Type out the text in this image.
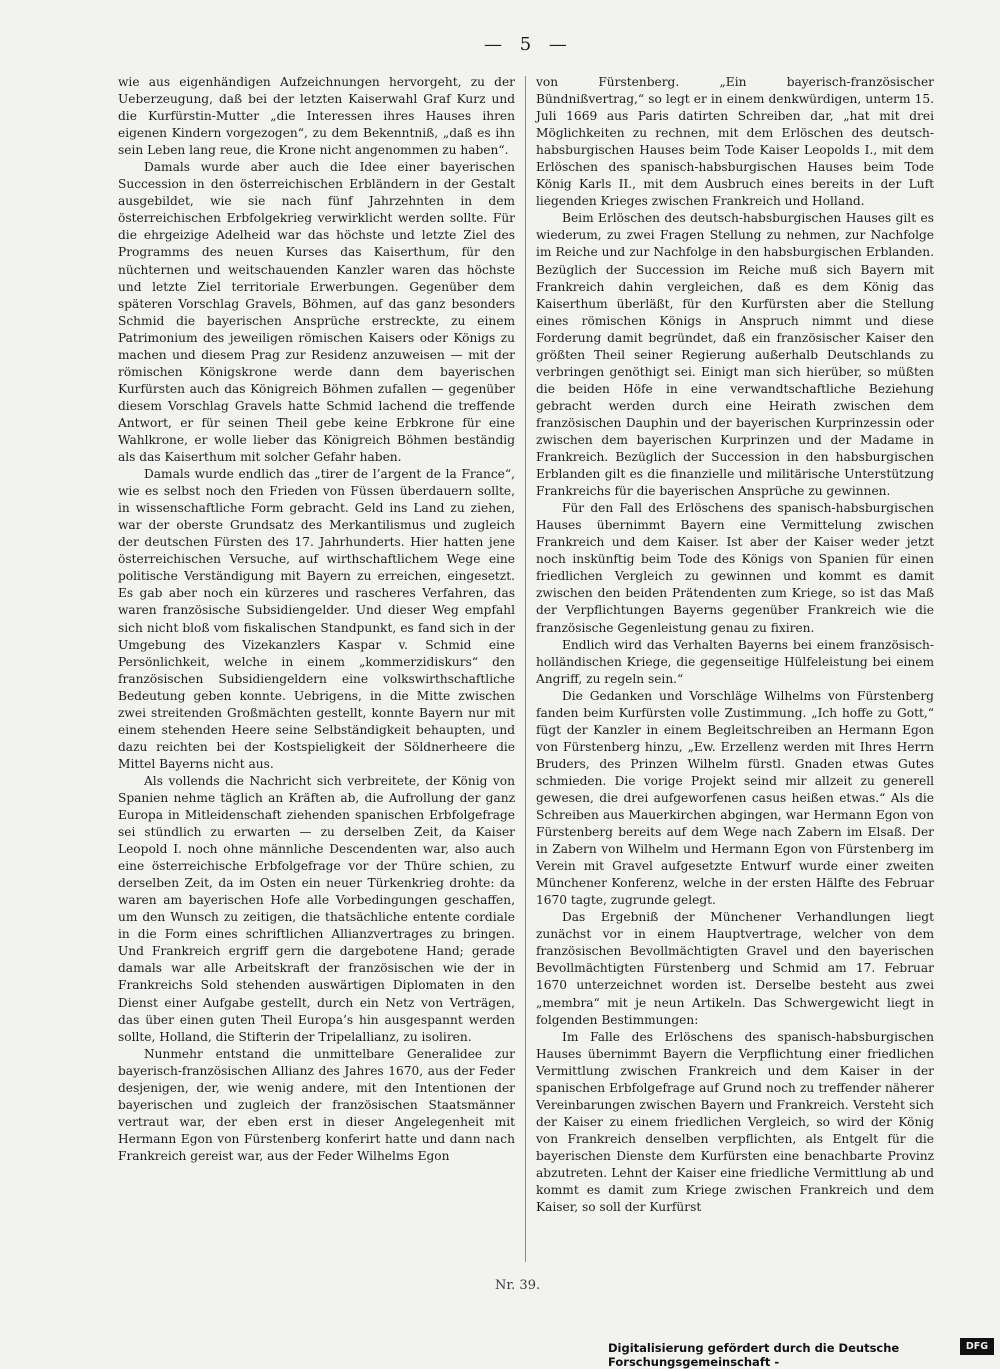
— 5 —

wie aus eigenhändigen Aufzeichnungen hervorgeht, zu der Ueberzeugung, daß bei der letzten Kaiserwahl Graf Kurz und die Kurfürstin-Mutter „die Interessen ihres Hauses ihren eigenen Kindern vorgezogen“, zu dem Bekenntniß, „daß es ihn sein Leben lang reue, die Krone nicht angenommen zu haben“.

Damals wurde aber auch die Idee einer bayerischen Succession in den österreichischen Erbländern in der Gestalt ausgebildet, wie sie nach fünf Jahrzehnten in dem österreichischen Erbfolgekrieg verwirklicht werden sollte. Für die ehrgeizige Adelheid war das höchste und letzte Ziel des Programms des neuen Kurses das Kaiserthum, für den nüchternen und weitschauenden Kanzler waren das höchste und letzte Ziel territoriale Erwerbungen. Gegenüber dem späteren Vorschlag Gravels, Böhmen, auf das ganz besonders Schmid die bayerischen Ansprüche erstreckte, zu einem Patrimonium des jeweiligen römischen Kaisers oder Königs zu machen und diesem Prag zur Residenz anzuweisen — mit der römischen Königskrone werde dann dem bayerischen Kurfürsten auch das Königreich Böhmen zufallen — gegenüber diesem Vorschlag Gravels hatte Schmid lachend die treffende Antwort, er für seinen Theil gebe keine Erbkrone für eine Wahlkrone, er wolle lieber das Königreich Böhmen beständig als das Kaiserthum mit solcher Gefahr haben.

Damals wurde endlich das „tirer de l’argent de la France“, wie es selbst noch den Frieden von Füssen überdauern sollte, in wissenschaftliche Form gebracht. Geld ins Land zu ziehen, war der oberste Grundsatz des Merkantilismus und zugleich der deutschen Fürsten des 17. Jahrhunderts. Hier hatten jene österreichischen Versuche, auf wirthschaftlichem Wege eine politische Verständigung mit Bayern zu erreichen, eingesetzt. Es gab aber noch ein kürzeres und rascheres Verfahren, das waren französische Subsidiengelder. Und dieser Weg empfahl sich nicht bloß vom fiskalischen Standpunkt, es fand sich in der Umgebung des Vizekanzlers Kaspar v. Schmid eine Persönlichkeit, welche in einem „kommerzidiskurs“ den französischen Subsidiengeldern eine volkswirthschaftliche Bedeutung geben konnte. Uebrigens, in die Mitte zwischen zwei streitenden Großmächten gestellt, konnte Bayern nur mit einem stehenden Heere seine Selbständigkeit behaupten, und dazu reichten bei der Kostspieligkeit der Söldnerheere die Mittel Bayerns nicht aus.

Als vollends die Nachricht sich verbreitete, der König von Spanien nehme täglich an Kräften ab, die Aufrollung der ganz Europa in Mitleidenschaft ziehenden spanischen Erbfolgefrage sei stündlich zu erwarten — zu derselben Zeit, da Kaiser Leopold I. noch ohne männliche Descendenten war, also auch eine österreichische Erbfolgefrage vor der Thüre schien, zu derselben Zeit, da im Osten ein neuer Türkenkrieg drohte: da waren am bayerischen Hofe alle Vorbedingungen geschaffen, um den Wunsch zu zeitigen, die thatsächliche entente cordiale in die Form eines schriftlichen Allianzvertrages zu bringen. Und Frankreich ergriff gern die dargebotene Hand; gerade damals war alle Arbeitskraft der französischen wie der in Frankreichs Sold stehenden auswärtigen Diplomaten in den Dienst einer Aufgabe gestellt, durch ein Netz von Verträgen, das über einen guten Theil Europa’s hin ausgespannt werden sollte, Holland, die Stifterin der Tripelallianz, zu isoliren.

Nunmehr entstand die unmittelbare Generalidee zur bayerisch-französischen Allianz des Jahres 1670, aus der Feder desjenigen, der, wie wenig andere, mit den Intentionen der bayerischen und zugleich der französischen Staatsmänner vertraut war, der eben erst in dieser Angelegenheit mit Hermann Egon von Fürstenberg konferirt hatte und dann nach Frankreich gereist war, aus der Feder Wilhelms Egon

von Fürstenberg. „Ein bayerisch-französischer Bündnißvertrag,“ so legt er in einem denkwürdigen, unterm 15. Juli 1669 aus Paris datirten Schreiben dar, „hat mit drei Möglichkeiten zu rechnen, mit dem Erlöschen des deutsch-habsburgischen Hauses beim Tode Kaiser Leopolds I., mit dem Erlöschen des spanisch-habsburgischen Hauses beim Tode König Karls II., mit dem Ausbruch eines bereits in der Luft liegenden Krieges zwischen Frankreich und Holland.

Beim Erlöschen des deutsch-habsburgischen Hauses gilt es wiederum, zu zwei Fragen Stellung zu nehmen, zur Nachfolge im Reiche und zur Nachfolge in den habsburgischen Erblanden. Bezüglich der Succession im Reiche muß sich Bayern mit Frankreich dahin vergleichen, daß es dem König das Kaiserthum überläßt, für den Kurfürsten aber die Stellung eines römischen Königs in Anspruch nimmt und diese Forderung damit begründet, daß ein französischer Kaiser den größten Theil seiner Regierung außerhalb Deutschlands zu verbringen genöthigt sei. Einigt man sich hierüber, so müßten die beiden Höfe in eine verwandtschaftliche Beziehung gebracht werden durch eine Heirath zwischen dem französischen Dauphin und der bayerischen Kurprinzessin oder zwischen dem bayerischen Kurprinzen und der Madame in Frankreich. Bezüglich der Succession in den habsburgischen Erblanden gilt es die finanzielle und militärische Unterstützung Frankreichs für die bayerischen Ansprüche zu gewinnen.

Für den Fall des Erlöschens des spanisch-habsburgischen Hauses übernimmt Bayern eine Vermittelung zwischen Frankreich und dem Kaiser. Ist aber der Kaiser weder jetzt noch inskünftig beim Tode des Königs von Spanien für einen friedlichen Vergleich zu gewinnen und kommt es damit zwischen den beiden Prätendenten zum Kriege, so ist das Maß der Verpflichtungen Bayerns gegenüber Frankreich wie die französische Gegenleistung genau zu fixiren.

Endlich wird das Verhalten Bayerns bei einem französisch-holländischen Kriege, die gegenseitige Hülfeleistung bei einem Angriff, zu regeln sein.“

Die Gedanken und Vorschläge Wilhelms von Fürstenberg fanden beim Kurfürsten volle Zustimmung. „Ich hoffe zu Gott,“ fügt der Kanzler in einem Begleitschreiben an Hermann Egon von Fürstenberg hinzu, „Ew. Erzellenz werden mit Ihres Herrn Bruders, des Prinzen Wilhelm fürstl. Gnaden etwas Gutes schmieden. Die vorige Projekt seind mir allzeit zu generell gewesen, die drei aufgeworfenen casus heißen etwas.“ Als die Schreiben aus Mauerkirchen abgingen, war Hermann Egon von Fürstenberg bereits auf dem Wege nach Zabern im Elsaß. Der in Zabern von Wilhelm und Hermann Egon von Fürstenberg im Verein mit Gravel aufgesetzte Entwurf wurde einer zweiten Münchener Konferenz, welche in der ersten Hälfte des Februar 1670 tagte, zugrunde gelegt.

Das Ergebniß der Münchener Verhandlungen liegt zunächst vor in einem Hauptvertrage, welcher von dem französischen Bevollmächtigten Gravel und den bayerischen Bevollmächtigten Fürstenberg und Schmid am 17. Februar 1670 unterzeichnet worden ist. Derselbe besteht aus zwei „membra“ mit je neun Artikeln. Das Schwergewicht liegt in folgenden Bestimmungen:

Im Falle des Erlöschens des spanisch-habsburgischen Hauses übernimmt Bayern die Verpflichtung einer friedlichen Vermittlung zwischen Frankreich und dem Kaiser in der spanischen Erbfolgefrage auf Grund noch zu treffender näherer Vereinbarungen zwischen Bayern und Frankreich. Versteht sich der Kaiser zu einem friedlichen Vergleich, so wird der König von Frankreich denselben verpflichten, als Entgelt für die bayerischen Dienste dem Kurfürsten eine benachbarte Provinz abzutreten. Lehnt der Kaiser eine friedliche Vermittlung ab und kommt es damit zum Kriege zwischen Frankreich und dem Kaiser, so soll der Kurfürst

Nr. 39.
Digitalisierung gefördert durch die Deutsche Forschungsgemeinschaft -
DFG
